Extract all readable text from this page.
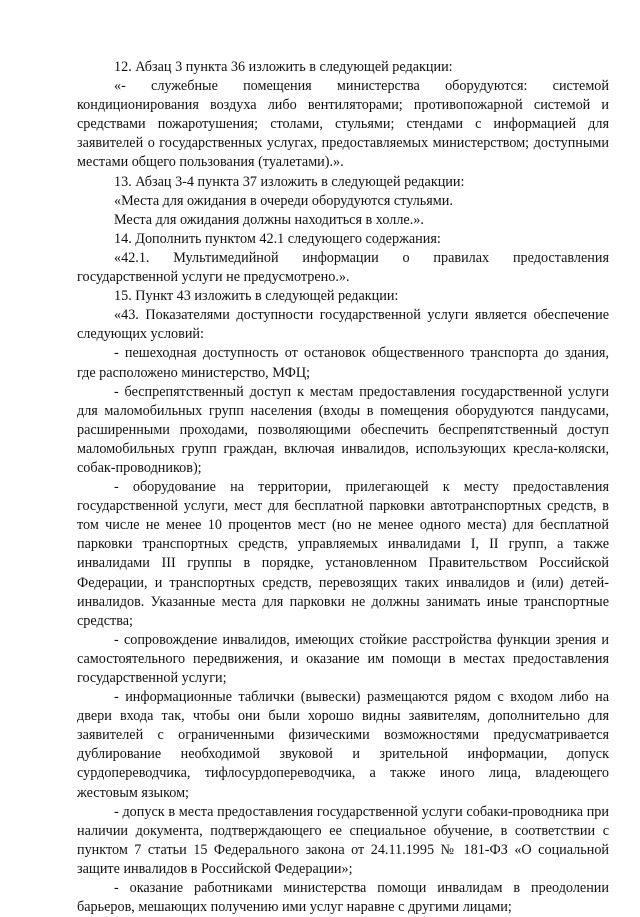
12. Абзац 3 пункта 36 изложить в следующей редакции:

«- служебные помещения министерства оборудуются: системой кондиционирования воздуха либо вентиляторами; противопожарной системой и средствами пожаротушения; столами, стульями; стендами с информацией для заявителей о государственных услугах, предоставляемых министерством; доступными местами общего пользования (туалетами).».

13. Абзац 3-4 пункта 37 изложить в следующей редакции:

«Места для ожидания в очереди оборудуются стульями.

Места для ожидания должны находиться в холле.».

14. Дополнить пунктом 42.1 следующего содержания:

«42.1. Мультимедийной информации о правилах предоставления государственной услуги не предусмотрено.».

15. Пункт 43 изложить в следующей редакции:

«43. Показателями доступности государственной услуги является обеспечение следующих условий:

- пешеходная доступность от остановок общественного транспорта до здания, где расположено министерство, МФЦ;

- беспрепятственный доступ к местам предоставления государственной услуги для маломобильных групп населения (входы в помещения оборудуются пандусами, расширенными проходами, позволяющими обеспечить беспрепятственный доступ маломобильных групп граждан, включая инвалидов, использующих кресла-коляски, собак-проводников);

- оборудование на территории, прилегающей к месту предоставления государственной услуги, мест для бесплатной парковки автотранспортных средств, в том числе не менее 10 процентов мест (но не менее одного места) для бесплатной парковки транспортных средств, управляемых инвалидами I, II групп, а также инвалидами III группы в порядке, установленном Правительством Российской Федерации, и транспортных средств, перевозящих таких инвалидов и (или) детей-инвалидов. Указанные места для парковки не должны занимать иные транспортные средства;

- сопровождение инвалидов, имеющих стойкие расстройства функции зрения и самостоятельного передвижения, и оказание им помощи в местах предоставления государственной услуги;

- информационные таблички (вывески) размещаются рядом с входом либо на двери входа так, чтобы они были хорошо видны заявителям, дополнительно для заявителей с ограниченными физическими возможностями предусматривается дублирование необходимой звуковой и зрительной информации, допуск сурдопереводчика, тифлосурдопереводчика, а также иного лица, владеющего жестовым языком;

- допуск в места предоставления государственной услуги собаки-проводника при наличии документа, подтверждающего ее специальное обучение, в соответствии с пунктом 7 статьи 15 Федерального закона от 24.11.1995 № 181-ФЗ «О социальной защите инвалидов в Российской Федерации»;

- оказание работниками министерства помощи инвалидам в преодолении барьеров, мешающих получению ими услуг наравне с другими лицами;
